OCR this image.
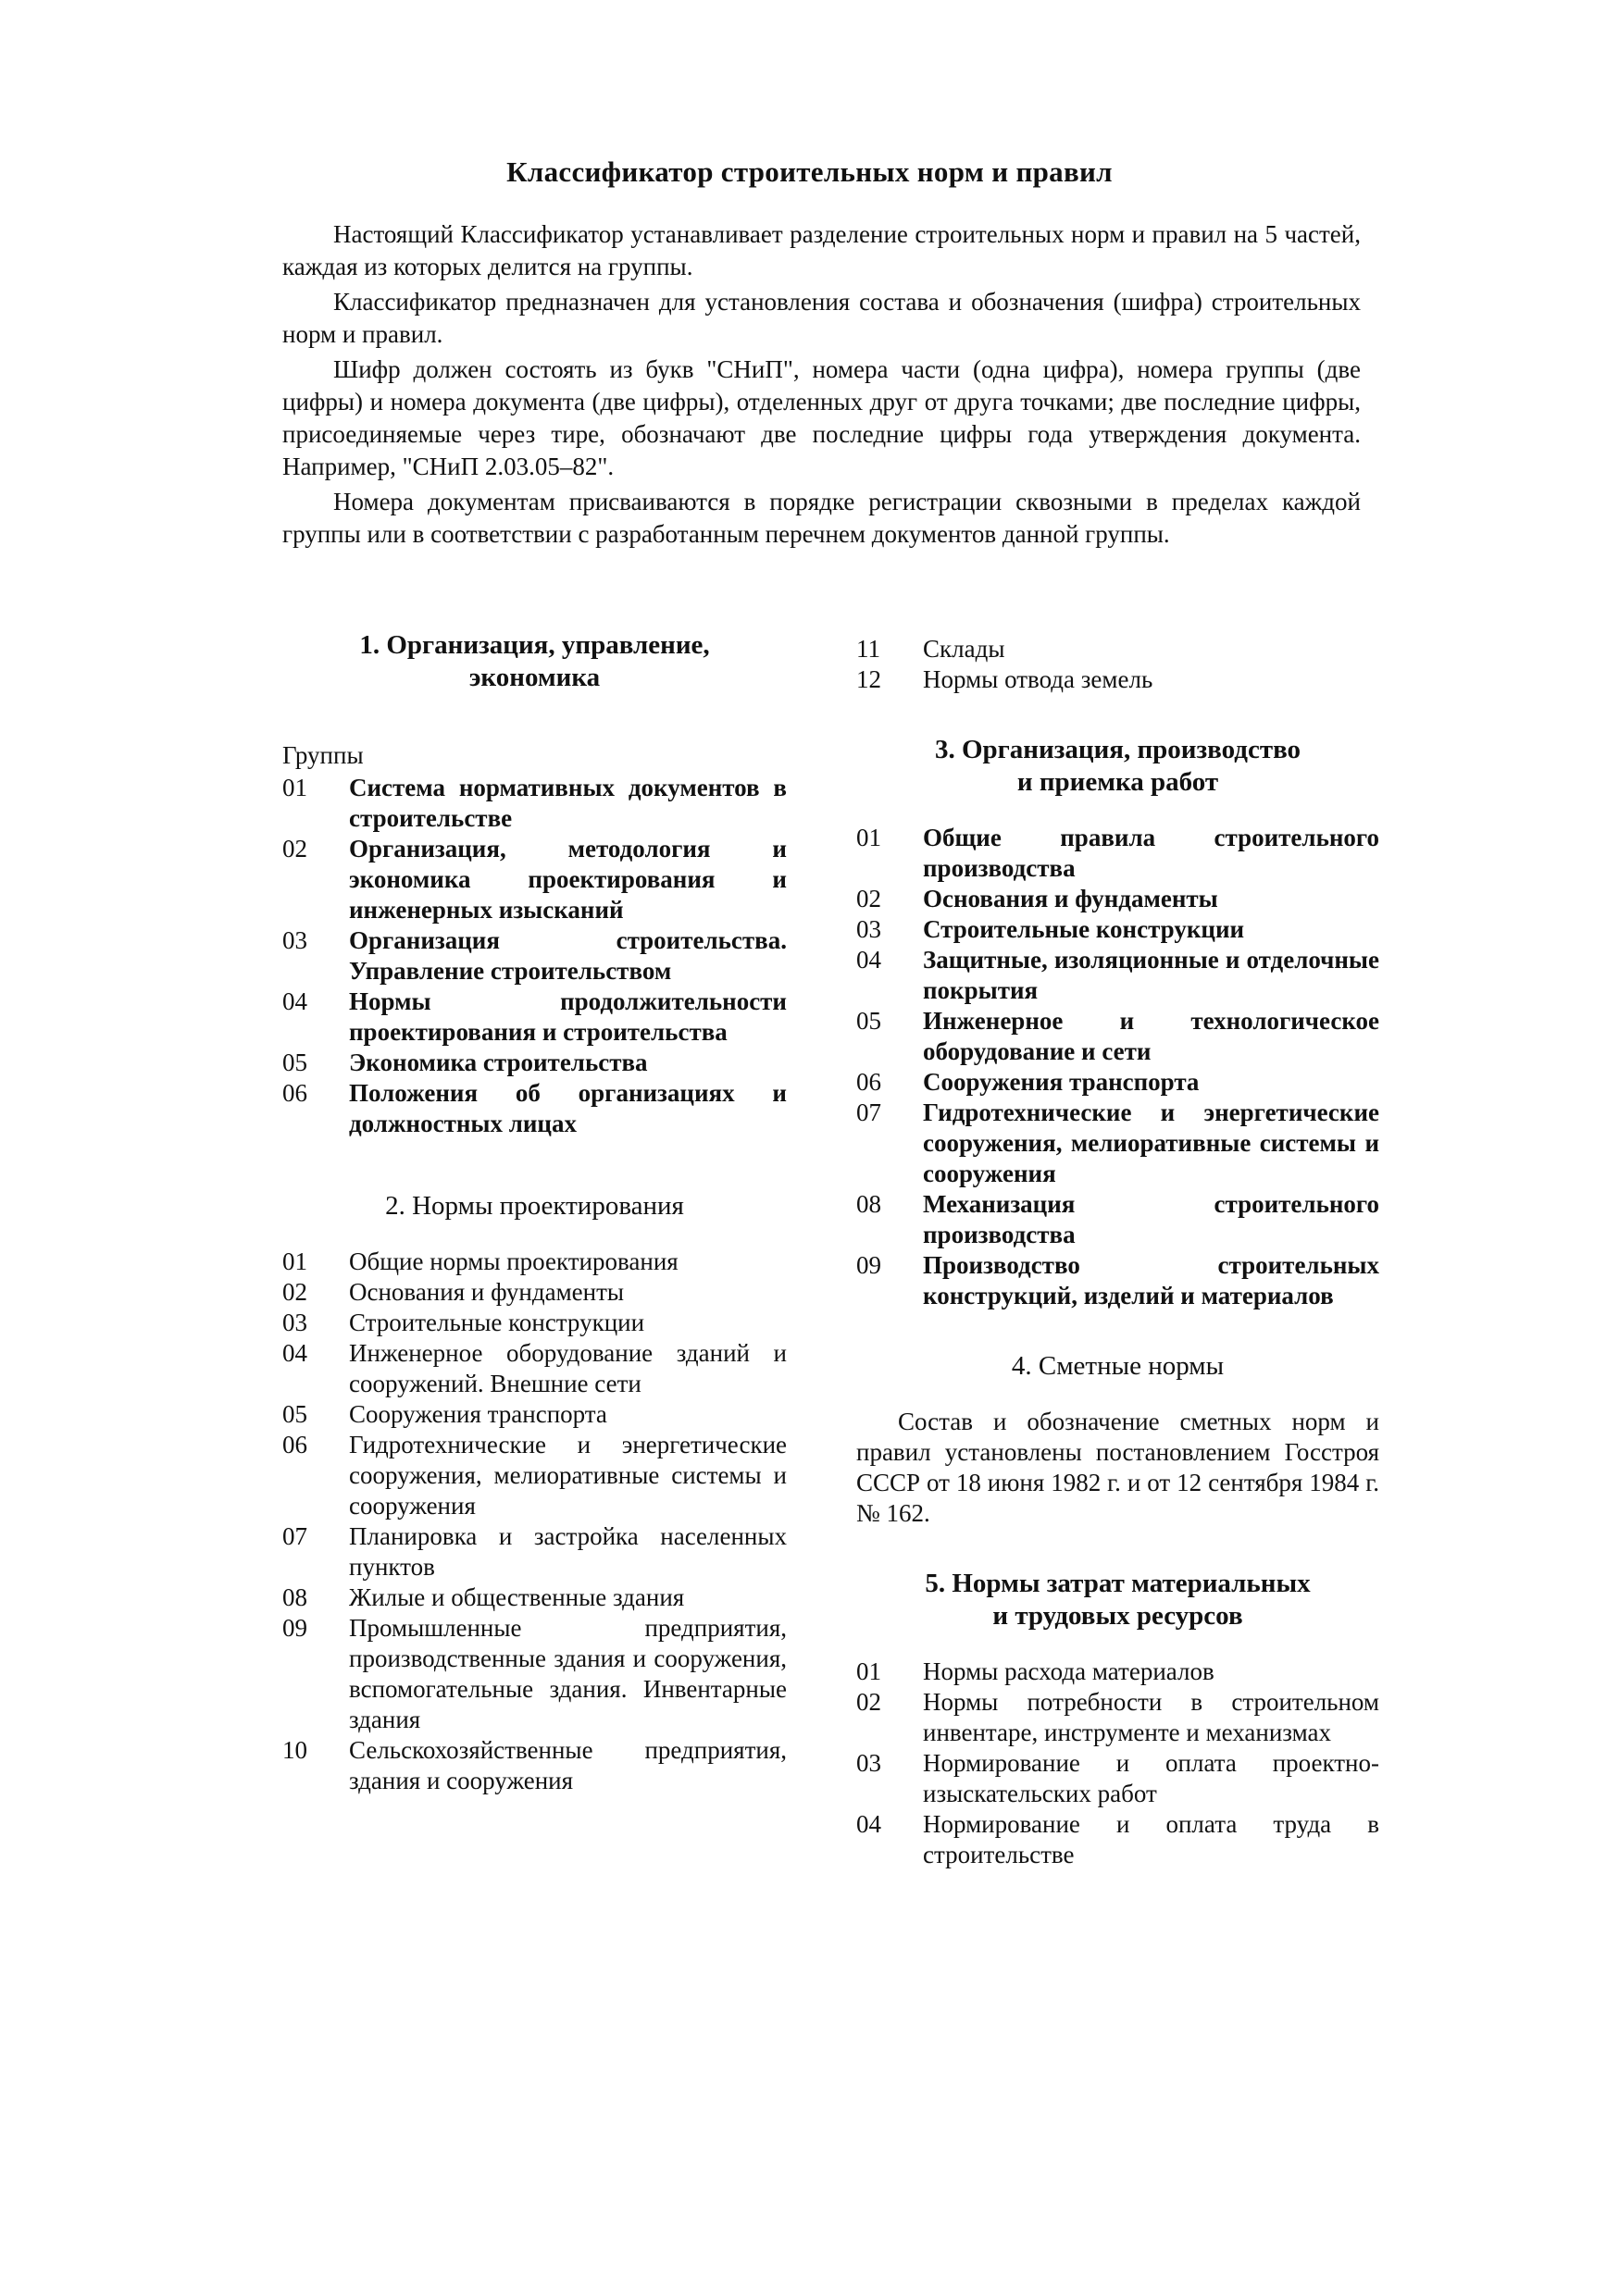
Классификатор строительных норм и правил

Настоящий Классификатор устанавливает разделение строительных норм и правил на 5 частей, каждая из которых делится на группы.

Классификатор предназначен для установления состава и обозначения (шифра) строительных норм и правил.

Шифр должен состоять из букв "СНиП", номера части (одна цифра), номера группы (две цифры) и номера документа (две цифры), отделенных друг от друга точками; две последние цифры, присоединяемые через тире, обозначают две последние цифры года утверждения документа. Например, "СНиП 2.03.05–82".

Номера документам присваиваются в порядке регистрации сквозными в пределах каждой группы или в соответствии с разработанным перечнем документов данной группы.

1. Организация, управление,
экономика
Группы
01	Система нормативных документов в строительстве
02	Организация, методология и экономика проектирования и инженерных изысканий
03	Организация строительства. Управление строительством
04	Нормы продолжительности проектирования и строительства
05	Экономика строительства
06	Положения об организациях и должностных лицах
2. Нормы проектирования
01	Общие нормы проектирования
02	Основания и фундаменты
03	Строительные конструкции
04	Инженерное оборудование зданий и сооружений. Внешние сети
05	Сооружения транспорта
06	Гидротехнические и энергетические сооружения, мелиоративные системы и сооружения
07	Планировка и застройка населенных пунктов
08	Жилые и общественные здания
09	Промышленные предприятия, производственные здания и сооружения, вспомогательные здания. Инвентарные здания
10	Сельскохозяйственные предприятия, здания и сооружения
11	Склады
12	Нормы отвода земель
3. Организация, производство
и приемка работ
01	Общие правила строительного производства
02	Основания и фундаменты
03	Строительные конструкции
04	Защитные, изоляционные и отделочные покрытия
05	Инженерное и технологическое оборудование и сети
06	Сооружения транспорта
07	Гидротехнические и энергетические сооружения, мелиоративные системы и сооружения
08	Механизация строительного производства
09	Производство строительных конструкций, изделий и материалов
4. Сметные нормы

Состав и обозначение сметных норм и правил установлены постановлением Госстроя СССР от 18 июня 1982 г. и от 12 сентября 1984 г. № 162.

5. Нормы затрат материальных
и трудовых ресурсов
01	Нормы расхода материалов
02	Нормы потребности в строительном инвентаре, инструменте и механизмах
03	Нормирование и оплата проектно-изыскательских работ
04	Нормирование и оплата труда в строительстве
